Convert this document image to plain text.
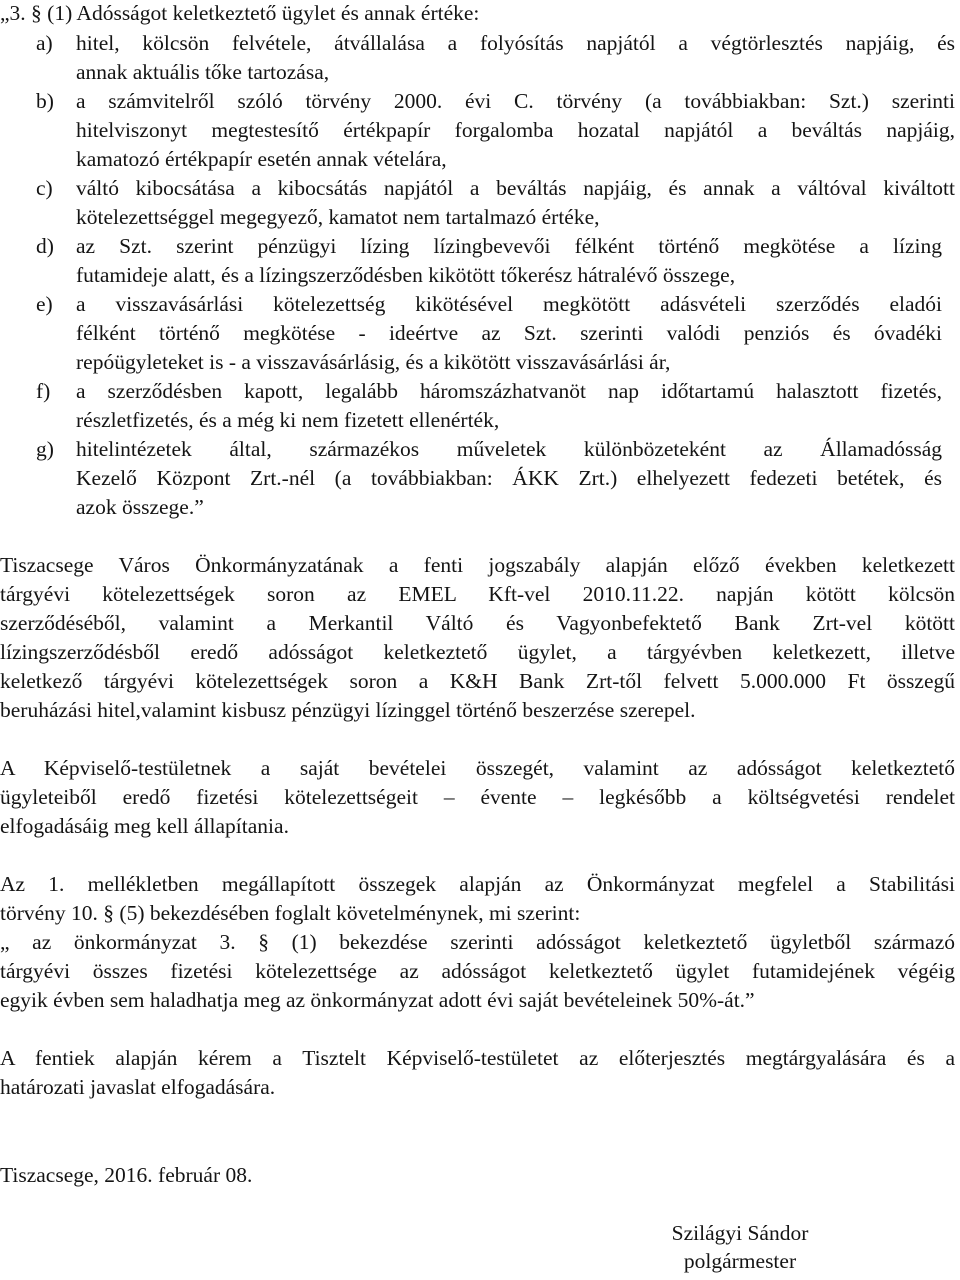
„3. § (1) Adósságot keletkeztető ügylet és annak értéke:
a) hitel, kölcsön felvétele, átvállalása a folyósítás napjától a végtörlesztés napjáig, és
annak aktuális tőke tartozása,
b) a számvitelről szóló törvény 2000. évi C. törvény (a továbbiakban: Szt.) szerinti
hitelviszonyt megtestesítő értékpapír forgalomba hozatal napjától a beváltás napjáig,
kamatozó értékpapír esetén annak vételára,
c) váltó kibocsátása a kibocsátás napjától a beváltás napjáig, és annak a váltóval kiváltott
kötelezettséggel megegyező, kamatot nem tartalmazó értéke,
d) az Szt. szerint pénzügyi lízing lízingbevevői félként történő megkötése a lízing
futamideje alatt, és a lízingszerződésben kikötött tőkerész hátralévő összege,
e) a visszavásárlási kötelezettség kikötésével megkötött adásvételi szerződés eladói
félként történő megkötése - ideértve az Szt. szerinti valódi penziós és óvadéki
repóügyleteket is - a visszavásárlásig, és a kikötött visszavásárlási ár,
f) a szerződésben kapott, legalább háromszázhatvanöt nap időtartamú halasztott fizetés,
részletfizetés, és a még ki nem fizetett ellenérték,
g) hitelintézetek által, származékos műveletek különbözeteként az Államadósság
Kezelő Központ Zrt.-nél (a továbbiakban: ÁKK Zrt.) elhelyezett fedezeti betétek, és
azok összege.”
Tiszacsege Város Önkormányzatának a fenti jogszabály alapján előző években keletkezett
tárgyévi kötelezettségek soron az EMEL Kft-vel 2010.11.22. napján kötött kölcsön
szerződéséből, valamint a Merkantil Váltó és Vagyonbefektető Bank Zrt-vel kötött
lízingszerződésből eredő adósságot keletkeztető ügylet, a tárgyévben keletkezett, illetve
keletkező tárgyévi kötelezettségek soron a K&H Bank Zrt-től felvett 5.000.000 Ft összegű
beruházási hitel,valamint kisbusz pénzügyi lízinggel történő beszerzése szerepel.
A Képviselő-testületnek a saját bevételei összegét, valamint az adósságot keletkeztető
ügyleteiből eredő fizetési kötelezettségeit – évente – legkésőbb a költségvetési rendelet
elfogadásáig meg kell állapítania.
Az 1. mellékletben megállapított összegek alapján az Önkormányzat megfelel a Stabilitási
törvény 10. § (5) bekezdésében foglalt követelménynek, mi szerint:
„ az önkormányzat 3. § (1) bekezdése szerinti adósságot keletkeztető ügyletből származó
tárgyévi összes fizetési kötelezettsége az adósságot keletkeztető ügylet futamidejének végéig
egyik évben sem haladhatja meg az önkormányzat adott évi saját bevételeinek 50%-át.”
A fentiek alapján kérem a Tisztelt Képviselő-testületet az előterjesztés megtárgyalására és a
határozati javaslat elfogadására.
Tiszacsege, 2016. február 08.
Szilágyi Sándor
polgármester
